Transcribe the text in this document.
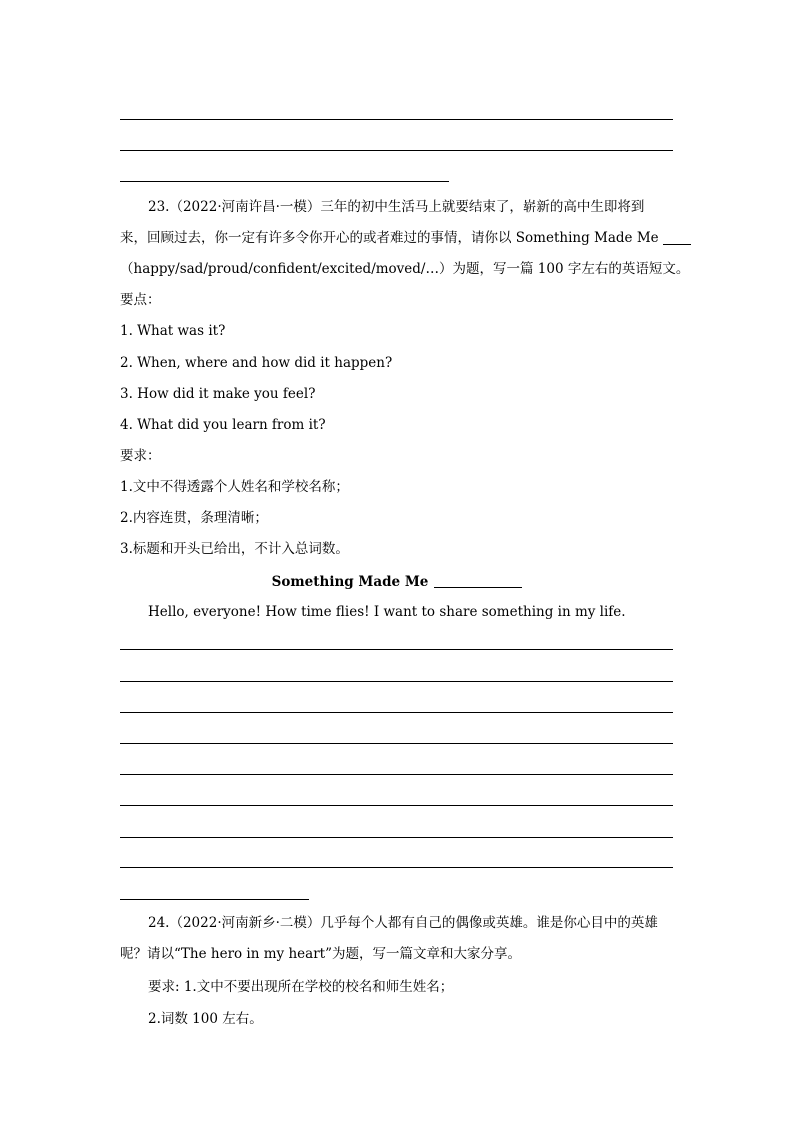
23.（2022·河南许昌·一模）三年的初中生活马上就要结束了，崭新的高中生即将到
来，回顾过去，你一定有许多令你开心的或者难过的事情，请你以 Something Made Me
（happy/sad/proud/confident/excited/moved/…）为题，写一篇 100 字左右的英语短文。
要点：
1. What was it?
2. When, where and how did it happen?
3. How did it make you feel?
4. What did you learn from it?
要求：
1.文中不得透露个人姓名和学校名称；
2.内容连贯，条理清晰；
3.标题和开头已给出，不计入总词数。
Something Made Me
Hello, everyone! How time flies! I want to share something in my life.
24.（2022·河南新乡·二模）几乎每个人都有自己的偶像或英雄。谁是你心目中的英雄
呢？请以“The hero in my heart”为题，写一篇文章和大家分享。
要求: 1.文中不要出现所在学校的校名和师生姓名；
2.词数 100 左右。
